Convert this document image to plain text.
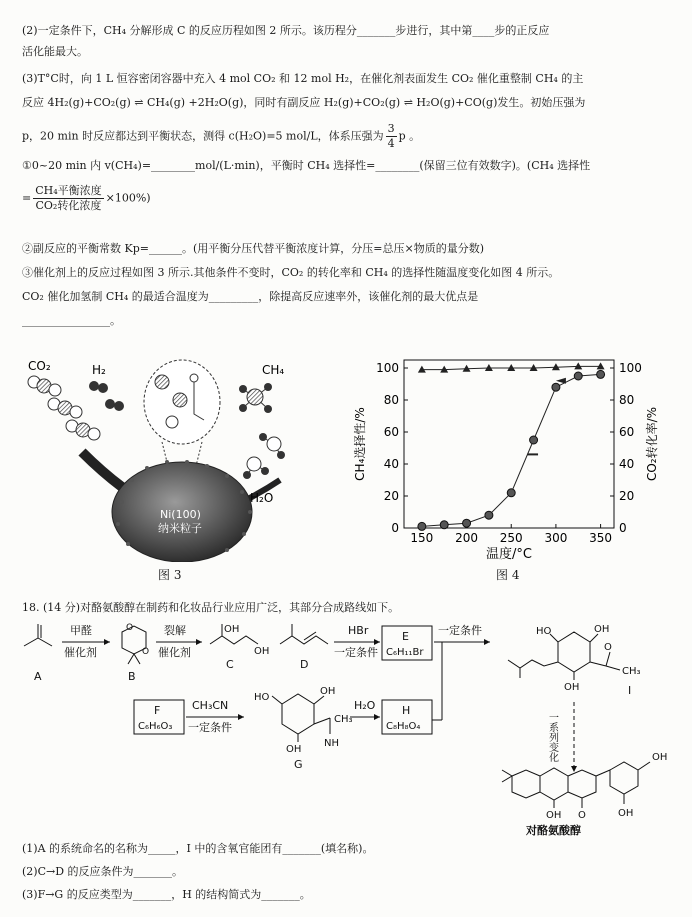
(2)一定条件下，CH₄ 分解形成 C 的反应历程如图 2 所示。该历程分_______步进行，其中第____步的正反应
活化能最大。
(3)T°C时，向 1 L 恒容密闭容器中充入 4 mol CO₂ 和 12 mol H₂，在催化剂表面发生 CO₂ 催化重整制 CH₄ 的主
反应 4H₂(g)+CO₂(g) ⇌ CH₄(g) +2H₂O(g)，同时有副反应 H₂(g)+CO₂(g) ⇌ H₂O(g)+CO(g)发生。初始压强为
p，20 min 时反应都达到平衡状态，测得 c(H₂O)=5 mol/L，体系压强为 $\frac{3}{4}$ p 。
①0~20 min 内 v(CH₄)=________mol/(L·min)，平衡时 CH₄ 选择性=________(保留三位有效数字)。(CH₄ 选择性
= $\frac{\text{CH₄平衡浓度}}{\text{CO₂转化浓度}} \times 100\%$)
②副反应的平衡常数 Kp=______。(用平衡分压代替平衡浓度计算，分压=总压×物质的量分数)
③催化剂上的反应过程如图 3 所示.其他条件不变时，CO₂ 的转化率和 CH₄ 的选择性随温度变化如图 4 所示。
CO₂ 催化加氢制 CH₄ 的最适合温度为_________，除提高反应速率外，该催化剂的最大优点是
________________。
CO₂	H₂
Ni(100)
纳米粒子
CH₄
H₂O
图 3
150 200 250 300 350
0	0
20	20
40	40
60	60
80	80
100	100
温度/°C
CH₄选择性/%	CO₂转化率/%
图 4
18. (14 分)对酪氨酸醇在制药和化妆品行业应用广泛，其部分合成路线如下。
A
甲醛
催化剂
O
O
B
裂解
催化剂
OH
OH
C	D
HBr
一定条件
E
C₆H₁₁Br
一定条件	HO	OH
CH₃
OH
O
I
F
C₆H₆O₃
CH₃CN
一定条件
HO
OH
CH₃
NH
OH
G
H₂O H
C₈H₈O₄	一系列变化	OH
OH
OH O
对酪氨酸醇
(1)A 的系统命名的名称为_____，I 中的含氧官能团有_______(填名称)。
(2)C→D 的反应条件为_______。
(3)F→G 的反应类型为_______，H 的结构简式为_______。
